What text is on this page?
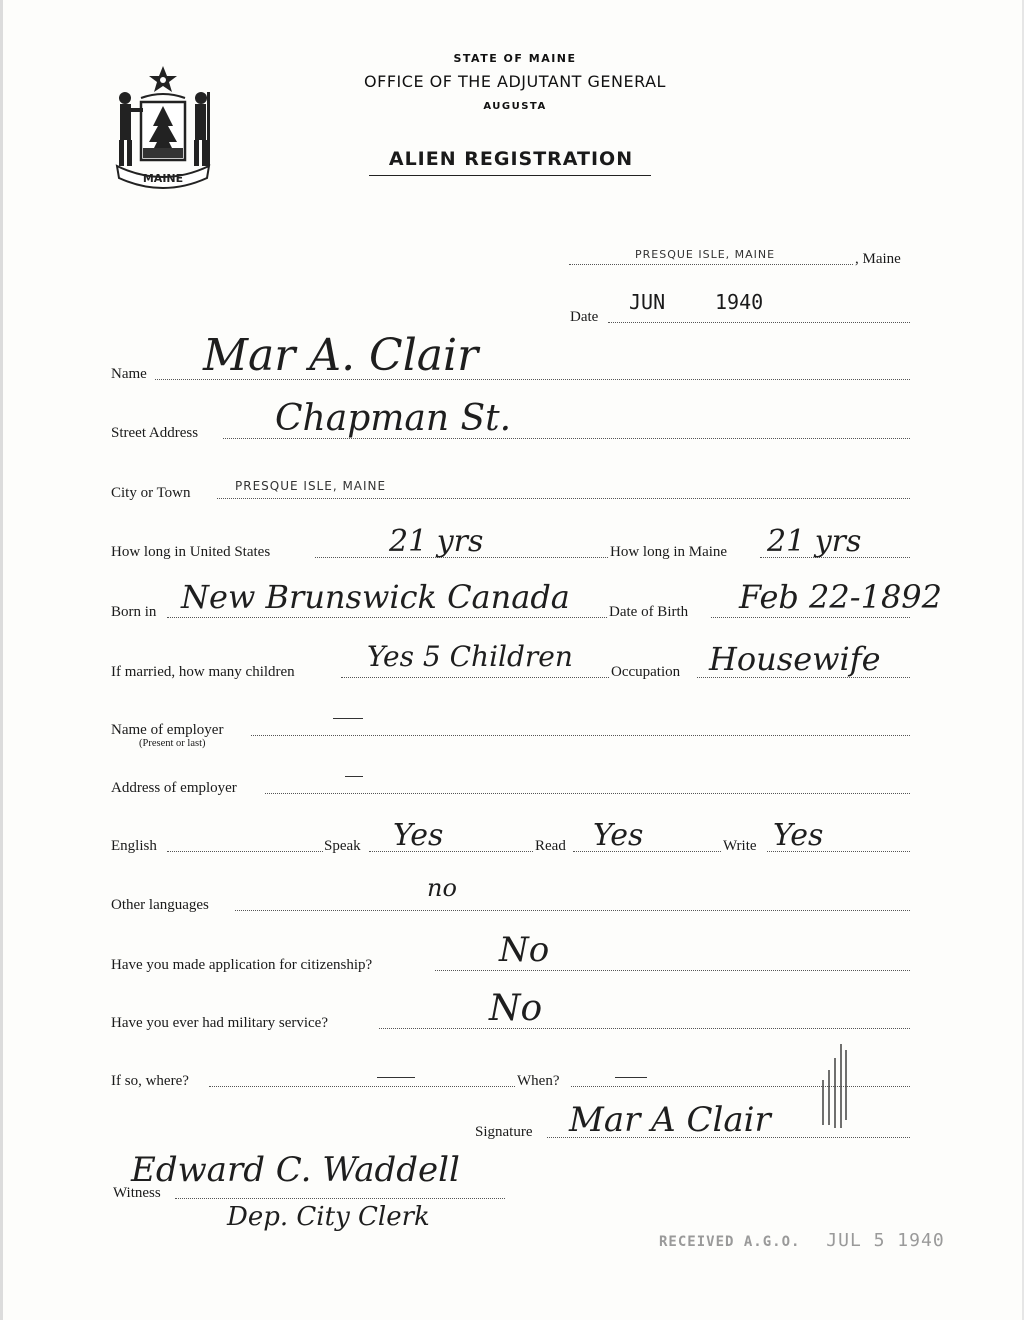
MAINE
STATE OF MAINE
OFFICE OF THE ADJUTANT GENERAL
AUGUSTA
ALIEN REGISTRATION
PRESQUE ISLE, MAINE	, Maine
Date
JUN 1940
Name Mar A. Clair
Street Address Chapman St.
City or Town	PRESQUE ISLE, MAINE
How long in United States	21 yrs	How long in Maine 21 yrs
Born in New Brunswick Canada	Date of Birth Feb 22-1892
If married, how many children	Yes 5 Children	Occupation Housewife
Name of employer
(Present or last)
Address of employer
English	Speak Yes	Read Yes	Write Yes
Other languages
no
Have you made application for citizenship?	No
Have you ever had military service?	No
If so, where?	When?
Signature Mar A Clair
Witness
Edward C. Waddell
Dep. City Clerk
RECEIVED A.G.O. JUL 5 1940
